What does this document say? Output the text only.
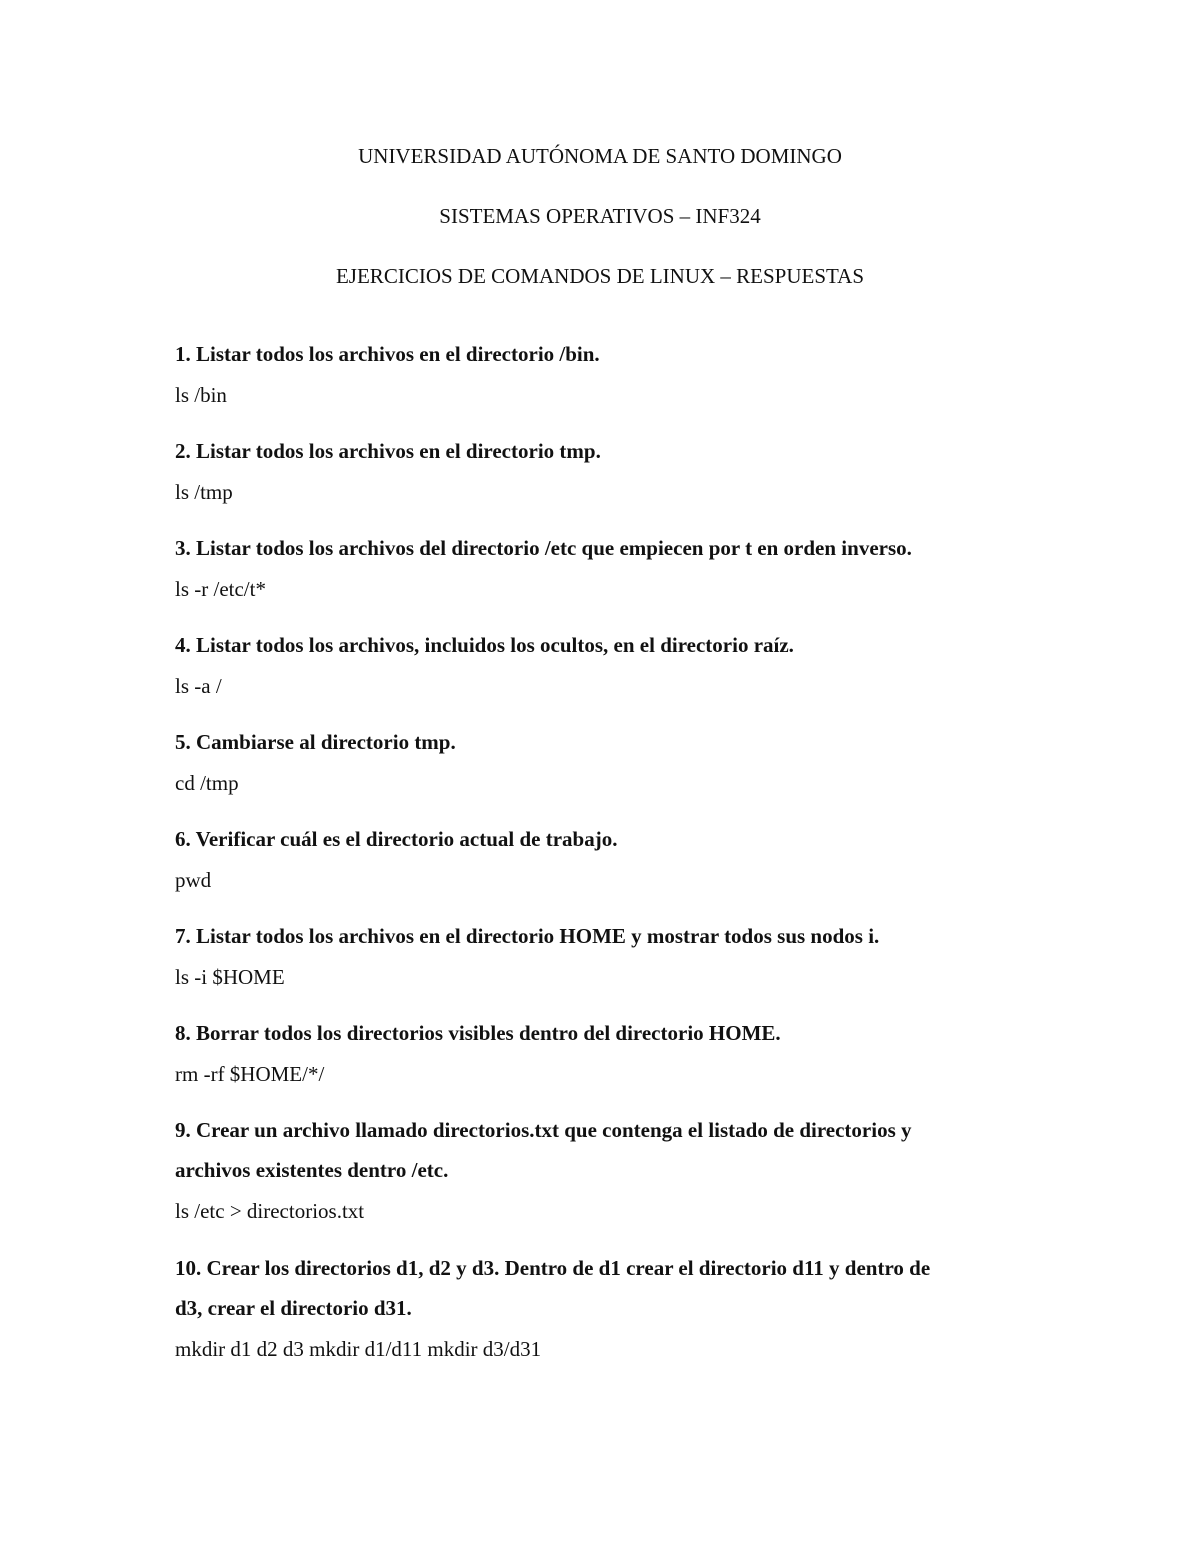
UNIVERSIDAD AUTÓNOMA DE SANTO DOMINGO
SISTEMAS OPERATIVOS – INF324
EJERCICIOS DE COMANDOS DE LINUX – RESPUESTAS
1. Listar todos los archivos en el directorio /bin.
ls /bin
2. Listar todos los archivos en el directorio tmp.
ls /tmp
3. Listar todos los archivos del directorio /etc que empiecen por t en orden inverso.
ls -r /etc/t*
4. Listar todos los archivos, incluidos los ocultos, en el directorio raíz.
ls -a /
5. Cambiarse al directorio tmp.
cd /tmp
6. Verificar cuál es el directorio actual de trabajo.
pwd
7. Listar todos los archivos en el directorio HOME y mostrar todos sus nodos i.
ls -i $HOME
8. Borrar todos los directorios visibles dentro del directorio HOME.
rm -rf $HOME/*/
9. Crear un archivo llamado directorios.txt que contenga el listado de directorios y
archivos existentes dentro /etc.
ls /etc > directorios.txt
10. Crear los directorios d1, d2 y d3. Dentro de d1 crear el directorio d11 y dentro de
d3, crear el directorio d31.
mkdir d1 d2 d3 mkdir d1/d11 mkdir d3/d31
